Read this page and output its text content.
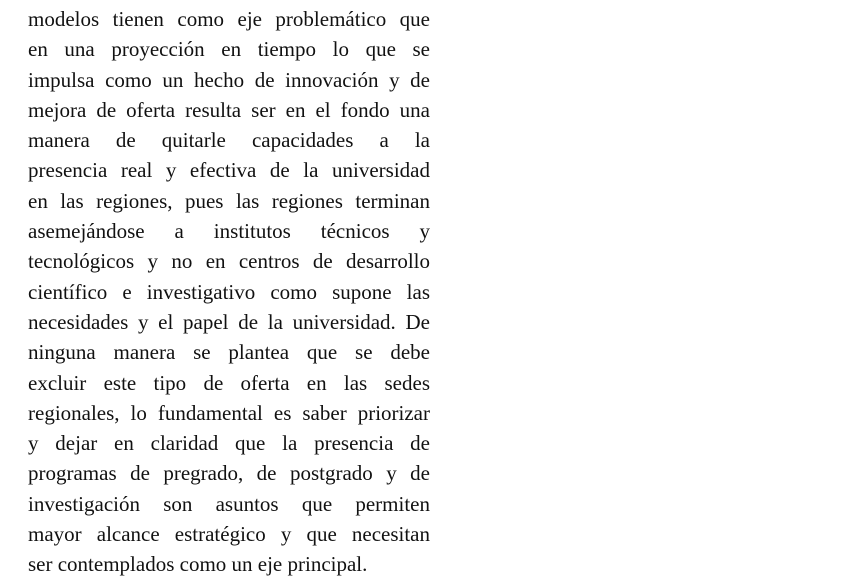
modelos tienen como eje problemático que
en una proyección en tiempo lo que se
impulsa como un hecho de innovación y de
mejora de oferta resulta ser en el fondo una
manera de quitarle capacidades a la
presencia real y efectiva de la universidad
en las regiones, pues las regiones terminan
asemejándose a institutos técnicos y
tecnológicos y no en centros de desarrollo
científico e investigativo como supone las
necesidades y el papel de la universidad. De
ninguna manera se plantea que se debe
excluir este tipo de oferta en las sedes
regionales, lo fundamental es saber priorizar
y dejar en claridad que la presencia de
programas de pregrado, de postgrado y de
investigación son asuntos que permiten
mayor alcance estratégico y que necesitan
ser contemplados como un eje principal.
